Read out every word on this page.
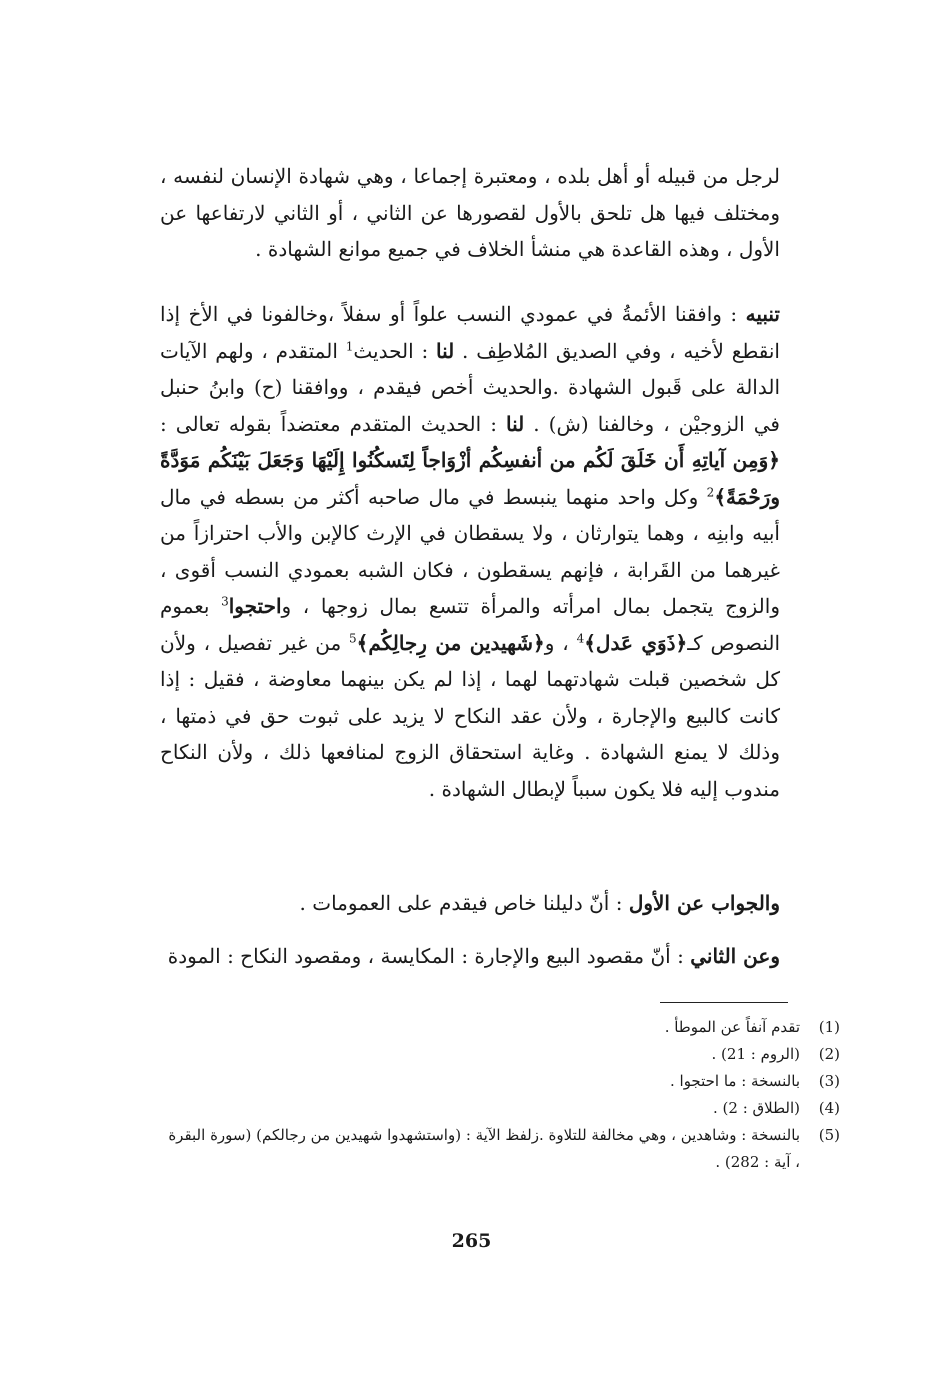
لرجل من قبيله أو أهل بلده ، ومعتبرة إجماعا ، وهي شهادة الإنسان لنفسه ، ومختلف فيها هل تلحق بالأول لقصورها عن الثاني ، أو الثاني لارتفاعها عن الأول ، وهذه القاعدة هي منشأ الخلاف في جميع موانع الشهادة .

تنبيه : وافقنا الأئمةُ في عمودي النسب علواً أو سفلاً ،وخالفونا في الأخ إذا انقطع لأخيه ، وفي الصديق المُلاطِف . لنا : الحديث$^1$ المتقدم ، ولهم الآيات الدالة على قَبول الشهادة .والحديث أخص فيقدم ، ووافقنا (ح) وابنُ حنبل في الزوجيْن ، وخالفنا (ش) . لنا : الحديث المتقدم معتضداً بقوله تعالى : ﴿وَمِن آياتِهِ أَن خَلَقَ لَكُم من أنفسِكُم أزْوَاجاً لِتَسكُنُوا إِلَيْهَا وَجَعَلَ بَيْنَكُم مَوَدَّةً ورَحْمَةً﴾$^2$ وكل واحد منهما ينبسط في مال صاحبه أكثر من بسطه في مال أبيه وابنِه ، وهما يتوارثان ، ولا يسقطان في الإرث كالإبن والأب احترازاً من غيرهما من القَرابة ، فإنهم يسقطون ، فكان الشبه بعمودي النسب أقوى ، والزوج يتجمل بمال امرأته والمرأة تتسع بمال زوجها ، واحتجوا$^3$ بعموم النصوص كـ﴿ذَوَي عَدل﴾$^4$ ، و﴿شَهيدين من رِجالِكُم﴾$^5$ من غير تفصيل ، ولأن كل شخصين قبلت شهادتهما لهما ، إذا لم يكن بينهما معاوضة ، فقيل : إذا كانت كالبيع والإجارة ، ولأن عقد النكاح لا يزيد على ثبوت حق في ذمتها ، وذلك لا يمنع الشهادة . وغاية استحقاق الزوج لمنافعها ذلك ، ولأن النكاح مندوب إليه فلا يكون سبباً لإبطال الشهادة .

والجواب عن الأول : أنّ دليلنا خاص فيقدم على العمومات .

وعن الثاني : أنّ مقصود البيع والإجارة : المكايسة ، ومقصود النكاح : المودة

(1)
تقدم آنفاً عن الموطأ .
(2)
(الروم : 21) .
(3)
بالنسخة : ما احتجوا .
(4)
(الطلاق : 2) .
(5)
بالنسخة : وشاهدين ، وهي مخالفة للتلاوة .زلفظ الآية : (واستشهدوا شهيدين من رجالكم) (سورة البقرة ، آية : 282) .
265
